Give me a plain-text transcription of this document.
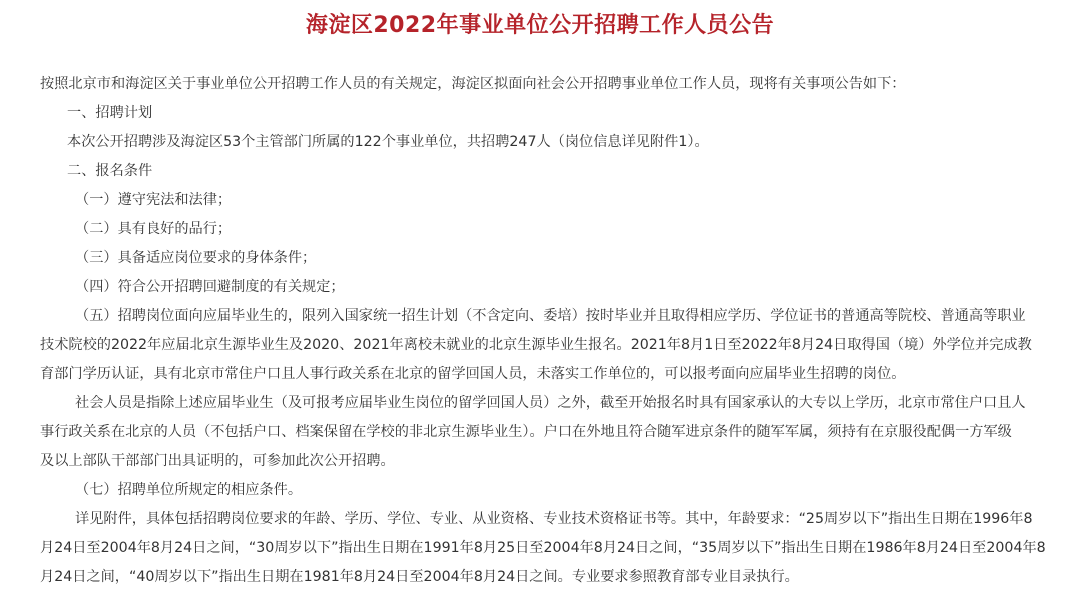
海淀区2022年事业单位公开招聘工作人员公告
按照北京市和海淀区关于事业单位公开招聘工作人员的有关规定，海淀区拟面向社会公开招聘事业单位工作人员，现将有关事项公告如下：
一、招聘计划
本次公开招聘涉及海淀区53个主管部门所属的122个事业单位，共招聘247人（岗位信息详见附件1）。
二、报名条件
（一）遵守宪法和法律；
（二）具有良好的品行；
（三）具备适应岗位要求的身体条件；
（四）符合公开招聘回避制度的有关规定；
（五）招聘岗位面向应届毕业生的，限列入国家统一招生计划（不含定向、委培）按时毕业并且取得相应学历、学位证书的普通高等院校、普通高等职业
技术院校的2022年应届北京生源毕业生及2020、2021年离校未就业的北京生源毕业生报名。2021年8月1日至2022年8月24日取得国（境）外学位并完成教
育部门学历认证，具有北京市常住户口且人事行政关系在北京的留学回国人员，未落实工作单位的，可以报考面向应届毕业生招聘的岗位。
社会人员是指除上述应届毕业生（及可报考应届毕业生岗位的留学回国人员）之外，截至开始报名时具有国家承认的大专以上学历，北京市常住户口且人
事行政关系在北京的人员（不包括户口、档案保留在学校的非北京生源毕业生）。户口在外地且符合随军进京条件的随军军属，须持有在京服役配偶一方军级
及以上部队干部部门出具证明的，可参加此次公开招聘。
（七）招聘单位所规定的相应条件。
详见附件，具体包括招聘岗位要求的年龄、学历、学位、专业、从业资格、专业技术资格证书等。其中，年龄要求：“25周岁以下”指出生日期在1996年8
月24日至2004年8月24日之间，“30周岁以下”指出生日期在1991年8月25日至2004年8月24日之间，“35周岁以下”指出生日期在1986年8月24日至2004年8
月24日之间，“40周岁以下”指出生日期在1981年8月24日至2004年8月24日之间。专业要求参照教育部专业目录执行。
